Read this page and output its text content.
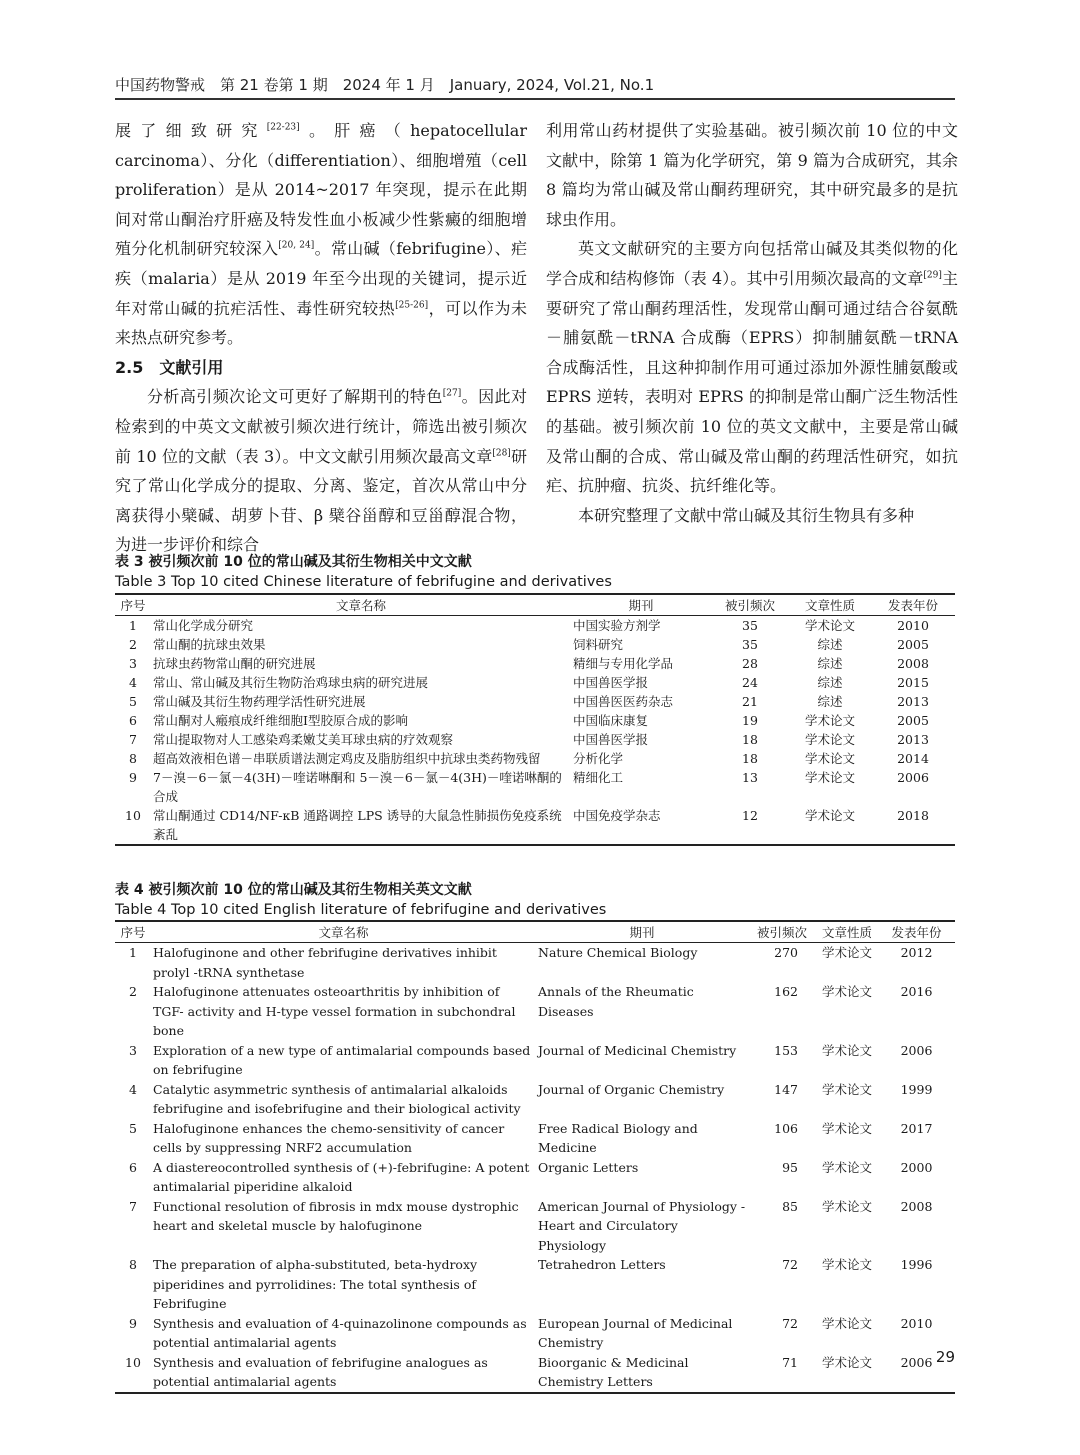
中国药物警戒　第 21 卷第 1 期　2024 年 1 月　January, 2024, Vol.21, No.1

展了细致研究[22-23]。肝癌（hepatocellular carcinoma）、分化（differentiation）、细胞增殖（cell proliferation）是从 2014~2017 年突现，提示在此期间对常山酮治疗肝癌及特发性血小板减少性紫癜的细胞增殖分化机制研究较深入[20, 24]。常山碱（febrifugine）、疟疾（malaria）是从 2019 年至今出现的关键词，提示近年对常山碱的抗疟活性、毒性研究较热[25-26]，可以作为未来热点研究参考。

2.5　文献引用

分析高引频次论文可更好了解期刊的特色[27]。因此对检索到的中英文文献被引频次进行统计，筛选出被引频次前 10 位的文献（表 3）。中文文献引用频次最高文章[28]研究了常山化学成分的提取、分离、鉴定，首次从常山中分离获得小檗碱、胡萝卜苷、β 檗谷甾醇和豆甾醇混合物，为进一步评价和综合

利用常山药材提供了实验基础。被引频次前 10 位的中文文献中，除第 1 篇为化学研究，第 9 篇为合成研究，其余 8 篇均为常山碱及常山酮药理研究，其中研究最多的是抗球虫作用。

英文文献研究的主要方向包括常山碱及其类似物的化学合成和结构修饰（表 4）。其中引用频次最高的文章[29]主要研究了常山酮药理活性，发现常山酮可通过结合谷氨酰－脯氨酰－tRNA 合成酶（EPRS）抑制脯氨酰－tRNA 合成酶活性，且这种抑制作用可通过添加外源性脯氨酸或 EPRS 逆转，表明对 EPRS 的抑制是常山酮广泛生物活性的基础。被引频次前 10 位的英文文献中，主要是常山碱及常山酮的合成、常山碱及常山酮的药理活性研究，如抗疟、抗肿瘤、抗炎、抗纤维化等。

本研究整理了文献中常山碱及其衍生物具有多种

表 3 被引频次前 10 位的常山碱及其衍生物相关中文文献
Table 3 Top 10 cited Chinese literature of febrifugine and derivatives
序号	文章名称	期刊	被引频次	文章性质	发表年份
1	常山化学成分研究	中国实验方剂学	35	学术论文	2010
2	常山酮的抗球虫效果	饲料研究	35	综述	2005
3	抗球虫药物常山酮的研究进展	精细与专用化学品	28	综述	2008
4	常山、常山碱及其衍生物防治鸡球虫病的研究进展	中国兽医学报	24	综述	2015
5	常山碱及其衍生物药理学活性研究进展	中国兽医医药杂志	21	综述	2013
6	常山酮对人瘢痕成纤维细胞Ⅰ型胶原合成的影响	中国临床康复	19	学术论文	2005
7	常山提取物对人工感染鸡柔嫩艾美耳球虫病的疗效观察	中国兽医学报	18	学术论文	2013
8	超高效液相色谱－串联质谱法测定鸡皮及脂肪组织中抗球虫类药物残留	分析化学	18	学术论文	2014
9	7－溴－6－氯－4(3H)－喹诺啉酮和 5－溴－6－氯－4(3H)－喹诺啉酮的合成	精细化工	13	学术论文	2006
10	常山酮通过 CD14/NF-κB 通路调控 LPS 诱导的大鼠急性肺损伤免疫系统紊乱	中国免疫学杂志	12	学术论文	2018
表 4 被引频次前 10 位的常山碱及其衍生物相关英文文献
Table 4 Top 10 cited English literature of febrifugine and derivatives
序号	文章名称	期刊	被引频次	文章性质	发表年份
1	Halofuginone and other febrifugine derivatives inhibit prolyl -tRNA synthetase	Nature Chemical Biology	270	学术论文	2012
2	Halofuginone attenuates osteoarthritis by inhibition of TGF- activity and H-type vessel formation in subchondral bone	Annals of the Rheumatic Diseases	162	学术论文	2016
3	Exploration of a new type of antimalarial compounds based on febrifugine	Journal of Medicinal Chemistry	153	学术论文	2006
4	Catalytic asymmetric synthesis of antimalarial alkaloids febrifugine and isofebrifugine and their biological activity	Journal of Organic Chemistry	147	学术论文	1999
5	Halofuginone enhances the chemo-sensitivity of cancer cells by suppressing NRF2 accumulation	Free Radical Biology and Medicine	106	学术论文	2017
6	A diastereocontrolled synthesis of (+)-febrifugine: A potent antimalarial piperidine alkaloid	Organic Letters	95	学术论文	2000
7	Functional resolution of fibrosis in mdx mouse dystrophic heart and skeletal muscle by halofuginone	American Journal of Physiology -Heart and Circulatory Physiology	85	学术论文	2008
8	The preparation of alpha-substituted, beta-hydroxy piperidines and pyrrolidines: The total synthesis of Febrifugine	Tetrahedron Letters	72	学术论文	1996
9	Synthesis and evaluation of 4-quinazolinone compounds as potential antimalarial agents	European Journal of Medicinal Chemistry	72	学术论文	2010
10	Synthesis and evaluation of febrifugine analogues as potential antimalarial agents	Bioorganic & Medicinal Chemistry Letters	71	学术论文	2006 29
